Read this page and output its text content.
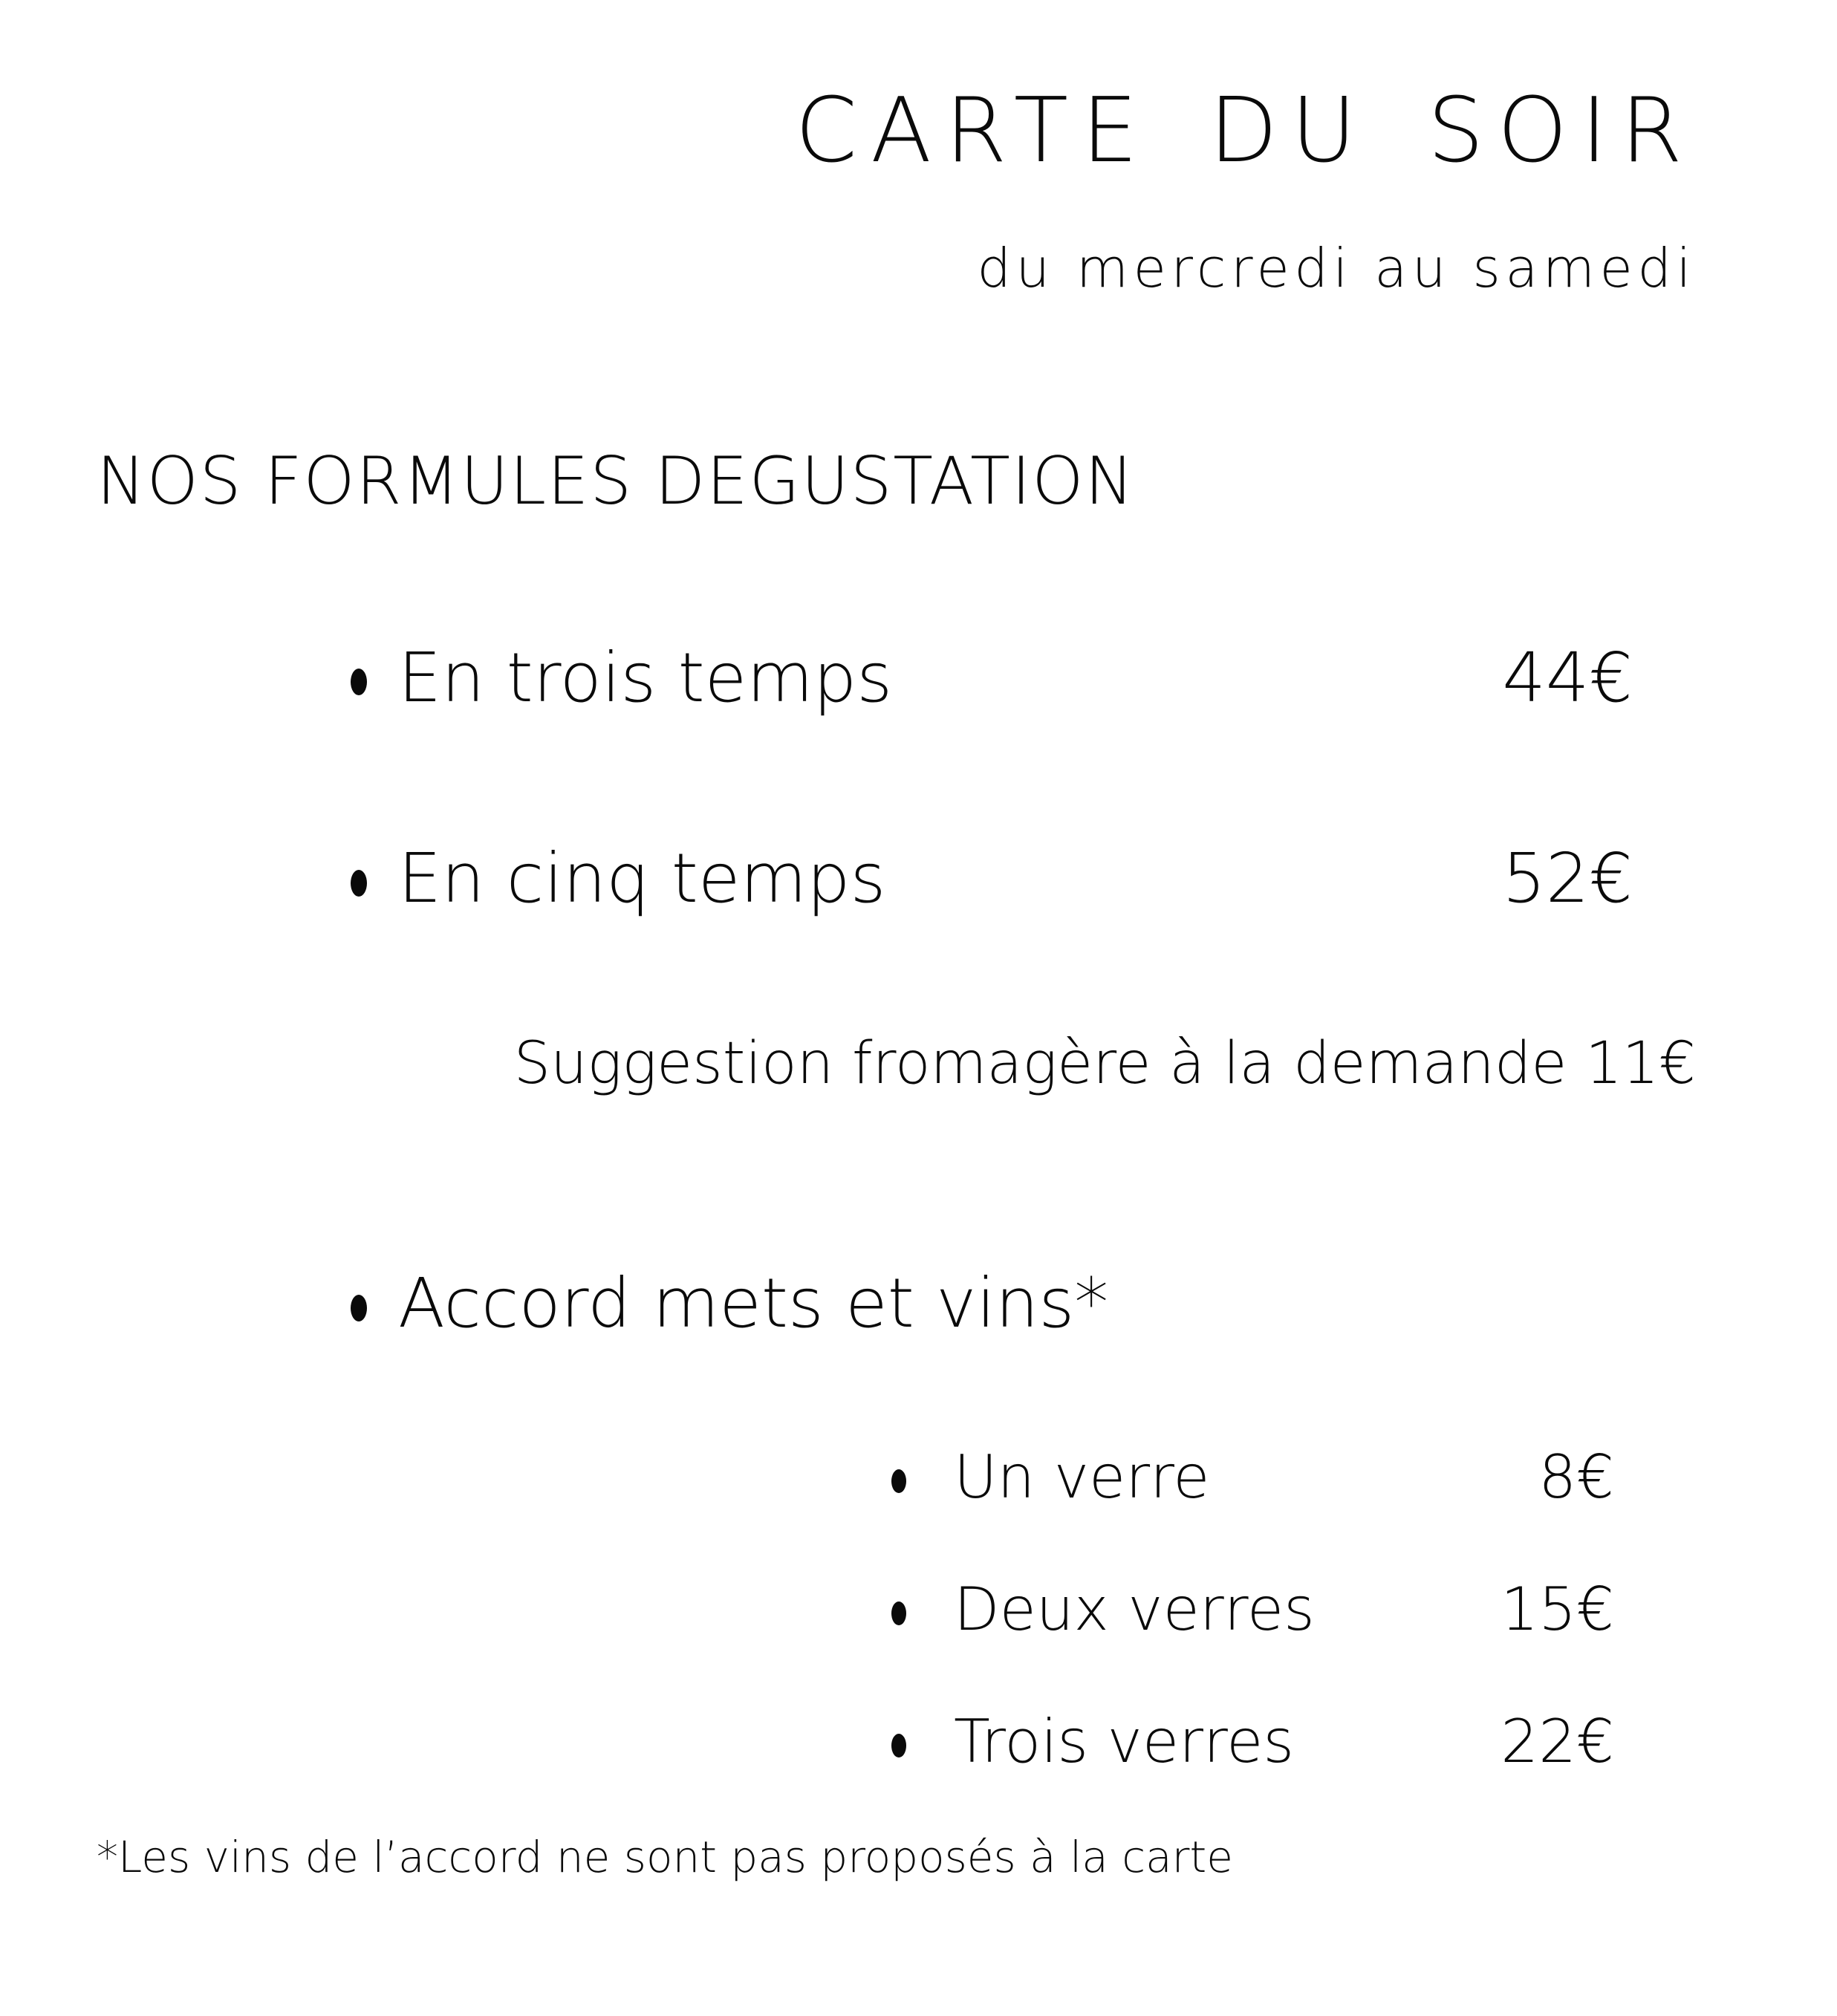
CARTE DU SOIR
du mercredi au samedi
NOS FORMULES DEGUSTATION
En trois temps	44€
En cinq temps	52€
Suggestion fromagère à la demande 11€
Accord mets et vins*
Un verre	8€
Deux verres	15€
Trois verres	22€
*Les vins de l’accord ne sont pas proposés à la carte
